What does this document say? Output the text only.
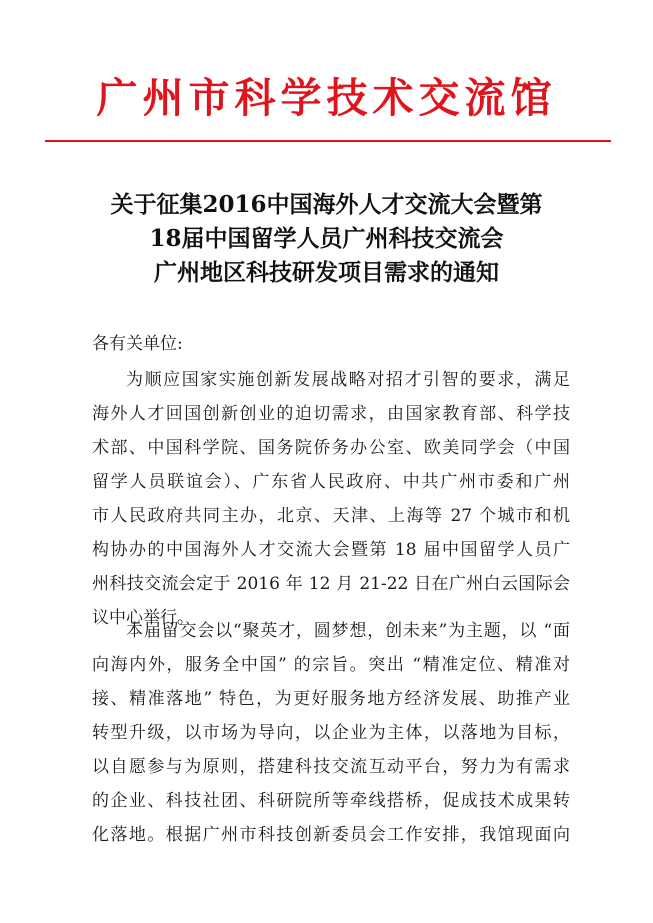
广州市科学技术交流馆
关于征集2016中国海外人才交流大会暨第
18届中国留学人员广州科技交流会
广州地区科技研发项目需求的通知
各有关单位:
为顺应国家实施创新发展战略对招才引智的要求，满足
海外人才回国创新创业的迫切需求，由国家教育部、科学技
术部、中国科学院、国务院侨务办公室、欧美同学会（中国
留学人员联谊会）、广东省人民政府、中共广州市委和广州
市人民政府共同主办，北京、天津、上海等 27 个城市和机
构协办的中国海外人才交流大会暨第 18 届中国留学人员广
州科技交流会定于 2016 年 12 月 21-22 日在广州白云国际会
议中心举行。
本届留交会以“聚英才，圆梦想，创未来”为主题，以 “面
向海内外，服务全中国” 的宗旨。突出 “精准定位、精准对
接、精准落地” 特色，为更好服务地方经济发展、助推产业
转型升级，以市场为导向，以企业为主体，以落地为目标，
以自愿参与为原则，搭建科技交流互动平台，努力为有需求
的企业、科技社团、科研院所等牵线搭桥，促成技术成果转
化落地。根据广州市科技创新委员会工作安排，我馆现面向
